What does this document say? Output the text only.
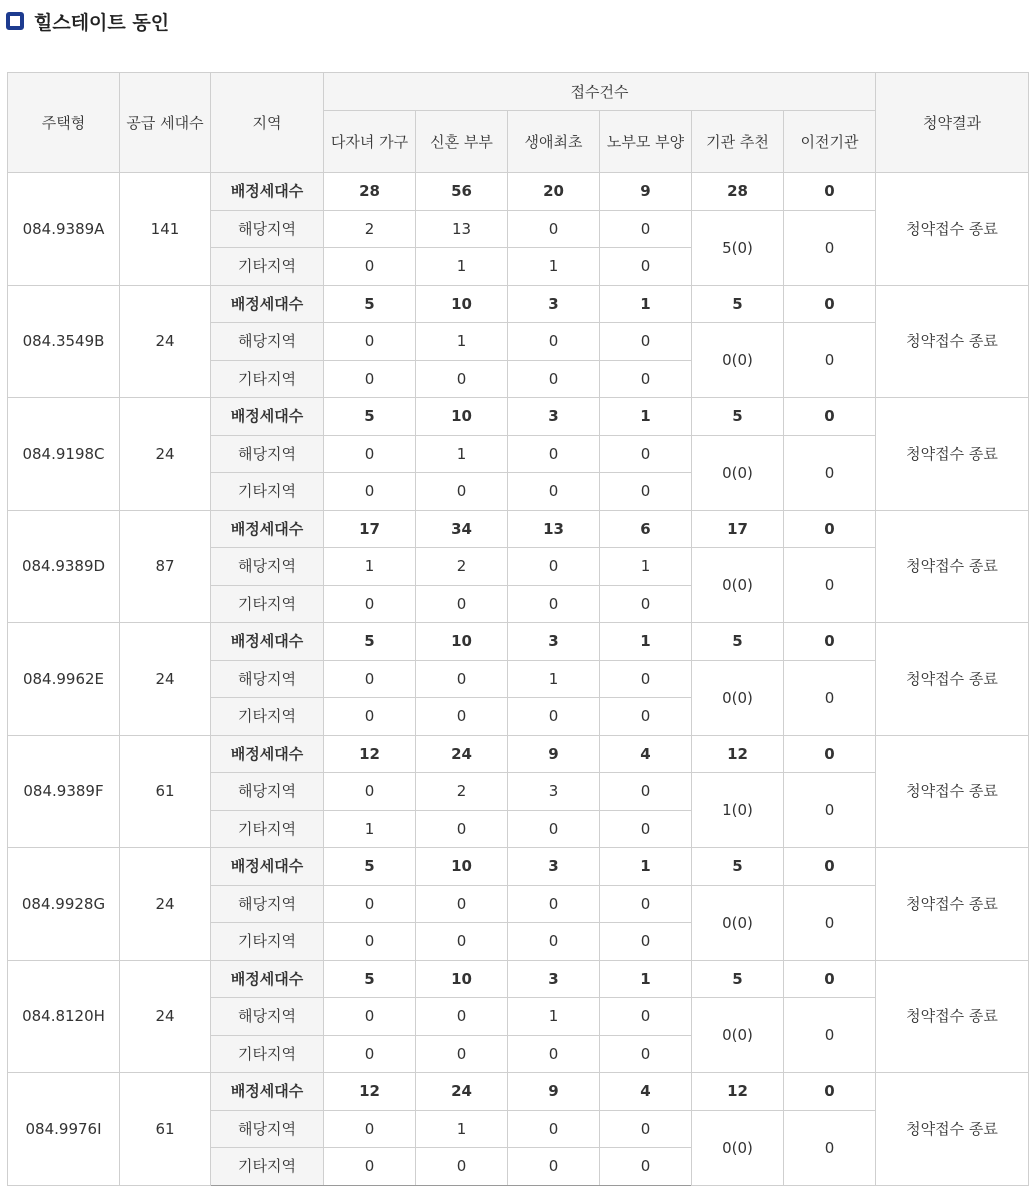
힐스테이트 동인
주택형	공급 세대수	지역	접수건수						청약결과
			다자녀 가구	신혼 부부	생애최초	노부모 부양	기관 추천	이전기관	
084.9389A	141	배정세대수	28	56	20	9	28	0	청약접수 종료
		해당지역	2	13	0	0	5(0)	0	
		기타지역	0	1	1	0			
084.3549B	24	배정세대수	5	10	3	1	5	0	청약접수 종료
		해당지역	0	1	0	0	0(0)	0	
		기타지역	0	0	0	0			
084.9198C	24	배정세대수	5	10	3	1	5	0	청약접수 종료
		해당지역	0	1	0	0	0(0)	0	
		기타지역	0	0	0	0			
084.9389D	87	배정세대수	17	34	13	6	17	0	청약접수 종료
		해당지역	1	2	0	1	0(0)	0	
		기타지역	0	0	0	0			
084.9962E	24	배정세대수	5	10	3	1	5	0	청약접수 종료
		해당지역	0	0	1	0	0(0)	0	
		기타지역	0	0	0	0			
084.9389F	61	배정세대수	12	24	9	4	12	0	청약접수 종료
		해당지역	0	2	3	0	1(0)	0	
		기타지역	1	0	0	0			
084.9928G	24	배정세대수	5	10	3	1	5	0	청약접수 종료
		해당지역	0	0	0	0	0(0)	0	
		기타지역	0	0	0	0			
084.8120H	24	배정세대수	5	10	3	1	5	0	청약접수 종료
		해당지역	0	0	1	0	0(0)	0	
		기타지역	0	0	0	0			
084.9976I	61	배정세대수	12	24	9	4	12	0	청약접수 종료
		해당지역	0	1	0	0	0(0)	0	
		기타지역	0	0	0	0			
